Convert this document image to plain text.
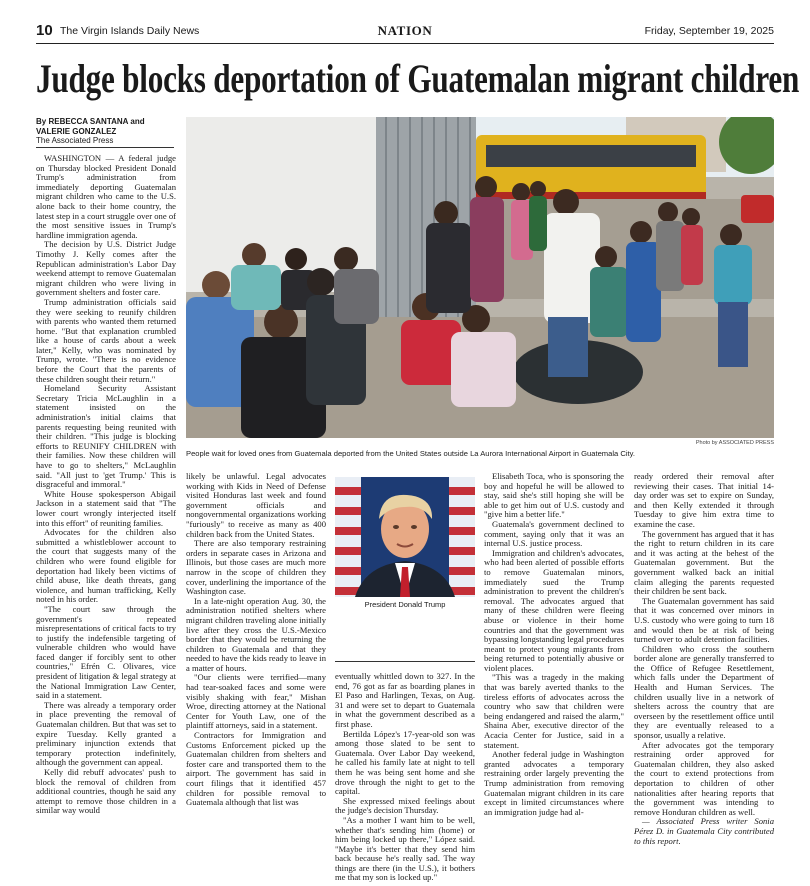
10 The Virgin Islands Daily News	NATION	Friday, September 19, 2025
Judge blocks deportation of Guatemalan migrant children
By REBECCA SANTANA and VALERIE GONZALEZ
The Associated Press
Photo by ASSOCIATED PRESS
People wait for loved ones from Guatemala deported from the United States outside La Aurora International Airport in Guatemala City.

WASHINGTON — A federal judge on Thursday blocked President Donald Trump's administration from immediately deporting Guatemalan migrant children who came to the U.S. alone back to their home country, the latest step in a court struggle over one of the most sensitive issues in Trump's hardline immigration agenda.

The decision by U.S. District Judge Timothy J. Kelly comes after the Republican administration's Labor Day weekend attempt to remove Guatemalan migrant children who were living in government shelters and foster care.

Trump administration officials said they were seeking to reunify children with parents who wanted them returned home. "But that explanation crumbled like a house of cards about a week later," Kelly, who was nominated by Trump, wrote. "There is no evidence before the Court that the parents of these children sought their return."

Homeland Security Assistant Secretary Tricia McLaughlin in a statement insisted on the administration's initial claims that parents requesting being reunited with their children. "This judge is blocking efforts to REUNIFY CHILDREN with their families. Now these children will have to go to shelters," McLaughlin said. "All just to 'get Trump.' This is disgraceful and immoral."

White House spokesperson Abigail Jackson in a statement said that "The lower court wrongly interjected itself into this effort" of reuniting families.

Advocates for the children also submitted a whistleblower account to the court that suggests many of the children who were found eligible for deportation had likely been victims of child abuse, like death threats, gang violence, and human trafficking, Kelly noted in his order.

"The court saw through the government's repeated misrepresentations of critical facts to try to justify the indefensible targeting of vulnerable children who would have faced danger if forcibly sent to other countries," Efrén C. Olivares, vice president of litigation & legal strategy at the National Immigration Law Center, said in a statement.

There was already a temporary order in place preventing the removal of Guatemalan children. But that was set to expire Tuesday. Kelly granted a preliminary injunction extends that temporary protection indefinitely, although the government can appeal.

Kelly did rebuff advocates' push to block the removal of children from additional countries, though he said any attempt to remove those children in a similar way would

likely be unlawful. Legal advocates working with Kids in Need of Defense visited Honduras last week and found government officials and nongovernmental organizations working "furiously" to receive as many as 400 children back from the United States.

There are also temporary restraining orders in separate cases in Arizona and Illinois, but those cases are much more narrow in the scope of children they cover, underlining the importance of the Washington case.

In a late-night operation Aug. 30, the administration notified shelters where migrant children traveling alone initially live after they cross the U.S.-Mexico border that they would be returning the children to Guatemala and that they needed to have the kids ready to leave in a matter of hours.

"Our clients were terrified—many had tear-soaked faces and some were visibly shaking with fear," Mishan Wroe, directing attorney at the National Center for Youth Law, one of the plaintiff attorneys, said in a statement.

Contractors for Immigration and Customs Enforcement picked up the Guatemalan children from shelters and foster care and transported them to the airport. The government has said in court filings that it identified 457 children for possible removal to Guatemala although that list was

President Donald Trump

eventually whittled down to 327. In the end, 76 got as far as boarding planes in El Paso and Harlingen, Texas, on Aug. 31 and were set to depart to Guatemala in what the government described as a first phase.

Bertilda López's 17-year-old son was among those slated to be sent to Guatemala. Over Labor Day weekend, he called his family late at night to tell them he was being sent home and she drove through the night to get to the capital.

She expressed mixed feelings about the judge's decision Thursday.

"As a mother I want him to be well, whether that's sending him (home) or him being locked up there," López said. "Maybe it's better that they send him back because he's really sad. The way things are there (in the U.S.), it bothers me that my son is locked up."

Elisabeth Toca, who is sponsoring the boy and hopeful he will be allowed to stay, said she's still hoping she will be able to get him out of U.S. custody and "give him a better life."

Guatemala's government declined to comment, saying only that it was an internal U.S. justice process.

Immigration and children's advocates, who had been alerted of possible efforts to remove Guatemalan minors, immediately sued the Trump administration to prevent the children's removal. The advocates argued that many of these children were fleeing abuse or violence in their home countries and that the government was bypassing longstanding legal procedures meant to protect young migrants from being returned to potentially abusive or violent places.

"This was a tragedy in the making that was barely averted thanks to the tireless efforts of advocates across the country who saw that children were being endangered and raised the alarm," Shaina Aber, executive director of the Acacia Center for Justice, said in a statement.

Another federal judge in Washington granted advocates a temporary restraining order largely preventing the Trump administration from removing Guatemalan migrant children in its care except in limited circumstances where an immigration judge had al-

ready ordered their removal after reviewing their cases. That initial 14-day order was set to expire on Sunday, and then Kelly extended it through Tuesday to give him extra time to examine the case.

The government has argued that it has the right to return children in its care and it was acting at the behest of the Guatemalan government. But the government walked back an initial claim alleging the parents requested their children be sent back.

The Guatemalan government has said that it was concerned over minors in U.S. custody who were going to turn 18 and would then be at risk of being turned over to adult detention facilities.

Children who cross the southern border alone are generally transferred to the Office of Refugee Resettlement, which falls under the Department of Health and Human Services. The children usually live in a network of shelters across the country that are overseen by the resettlement office until they are eventually released to a sponsor, usually a relative.

After advocates got the temporary restraining order approved for Guatemalan children, they also asked the court to extend protections from deportation to children of other nationalities after hearing reports that the government was intending to remove Honduran children as well.

— Associated Press writer Sonia Pérez D. in Guatemala City contributed to this report.
